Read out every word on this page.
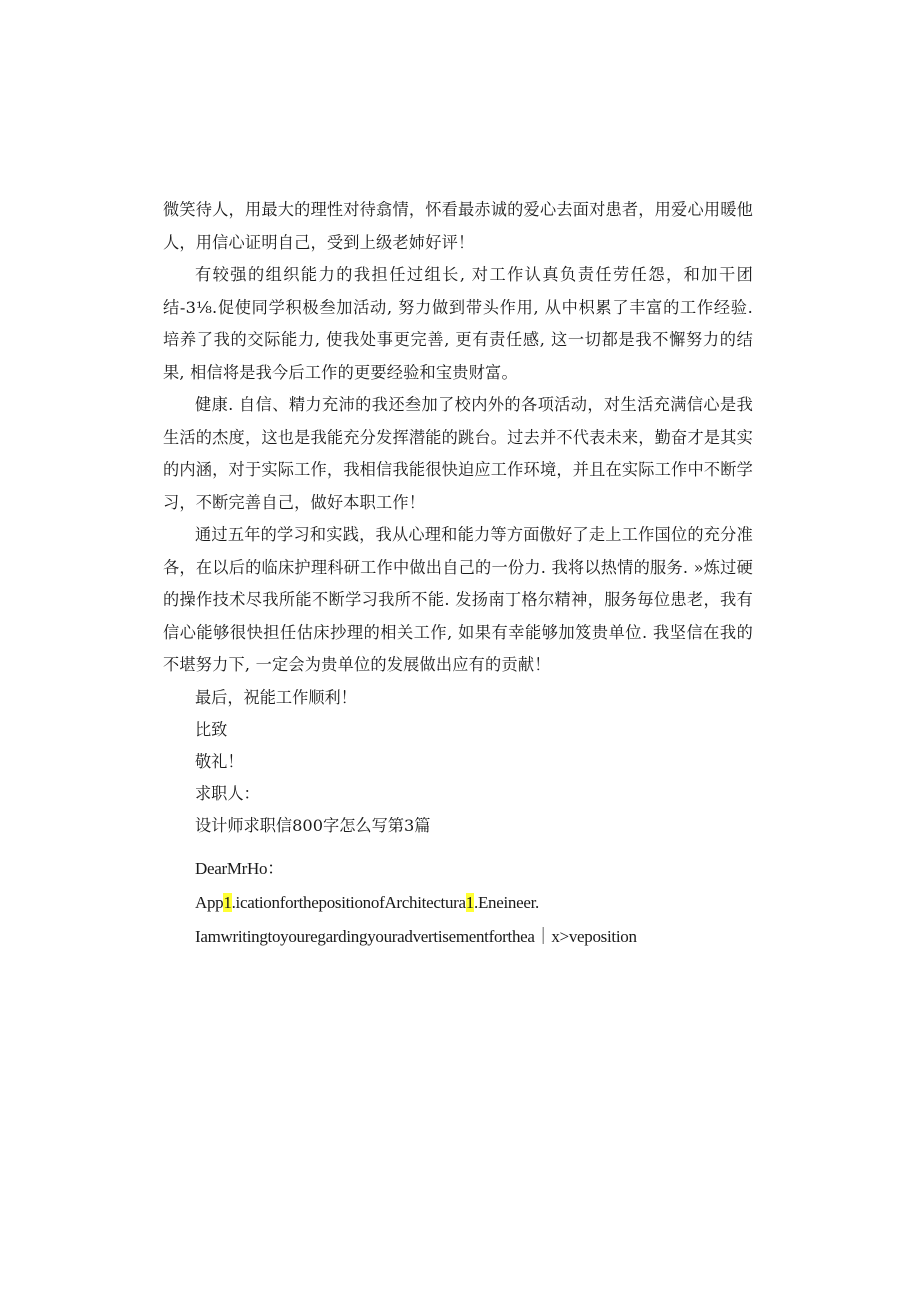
微笑待人，用最大的理性对待翕情，怀看最赤诚的爱心去面对患者，用爱心用暖他人，用信心证明自己，受到上级老姉好评！

有较强的组织能力的我担任过组长, 对工作认真负责任劳任怨，和加干团结-3⅛.促使同学积极叁加活动, 努力做到带头作用, 从中枳累了丰富的工作经验. 培养了我的交际能力, 使我处事更完善, 更有责任感, 这一切都是我不懈努力的结果, 相信将是我今后工作的更要经验和宝贵财富。

健康. 自信、精力充沛的我还叁加了校内外的各项活动，对生活充满信心是我生活的杰度，这也是我能充分发挥潜能的跳台。过去并不代表未来，勤奋才是其实的内涵，对于实际工作，我相信我能很快迫应工作环境，并且在实际工作中不断学习，不断完善自己，做好本职工作！

通过五年的学习和实践，我从心理和能力等方面傲好了走上工作国位的充分准各，在以后的临床护理科研工作中做出自己的一份力. 我将以热情的服务. »炼过硬的操作技术尽我所能不断学习我所不能. 发扬南丁格尔精神，服务毎位患老，我有信心能够很快担任估床抄理的相关工作, 如果有幸能够加笈贵单位. 我坚信在我的不堪努力下, 一定会为贵单位的发展做出应有的贡献！

最后，祝能工作顺利！

比致

敬礼！

求职人：

设计师求职信800字怎么写第3篇

DearMrHo：

App1.icationforthepositionofArchitectura1.Eneineer.

Iamwritingtoyouregardingyouradvertisementforthea｜x>veposition
